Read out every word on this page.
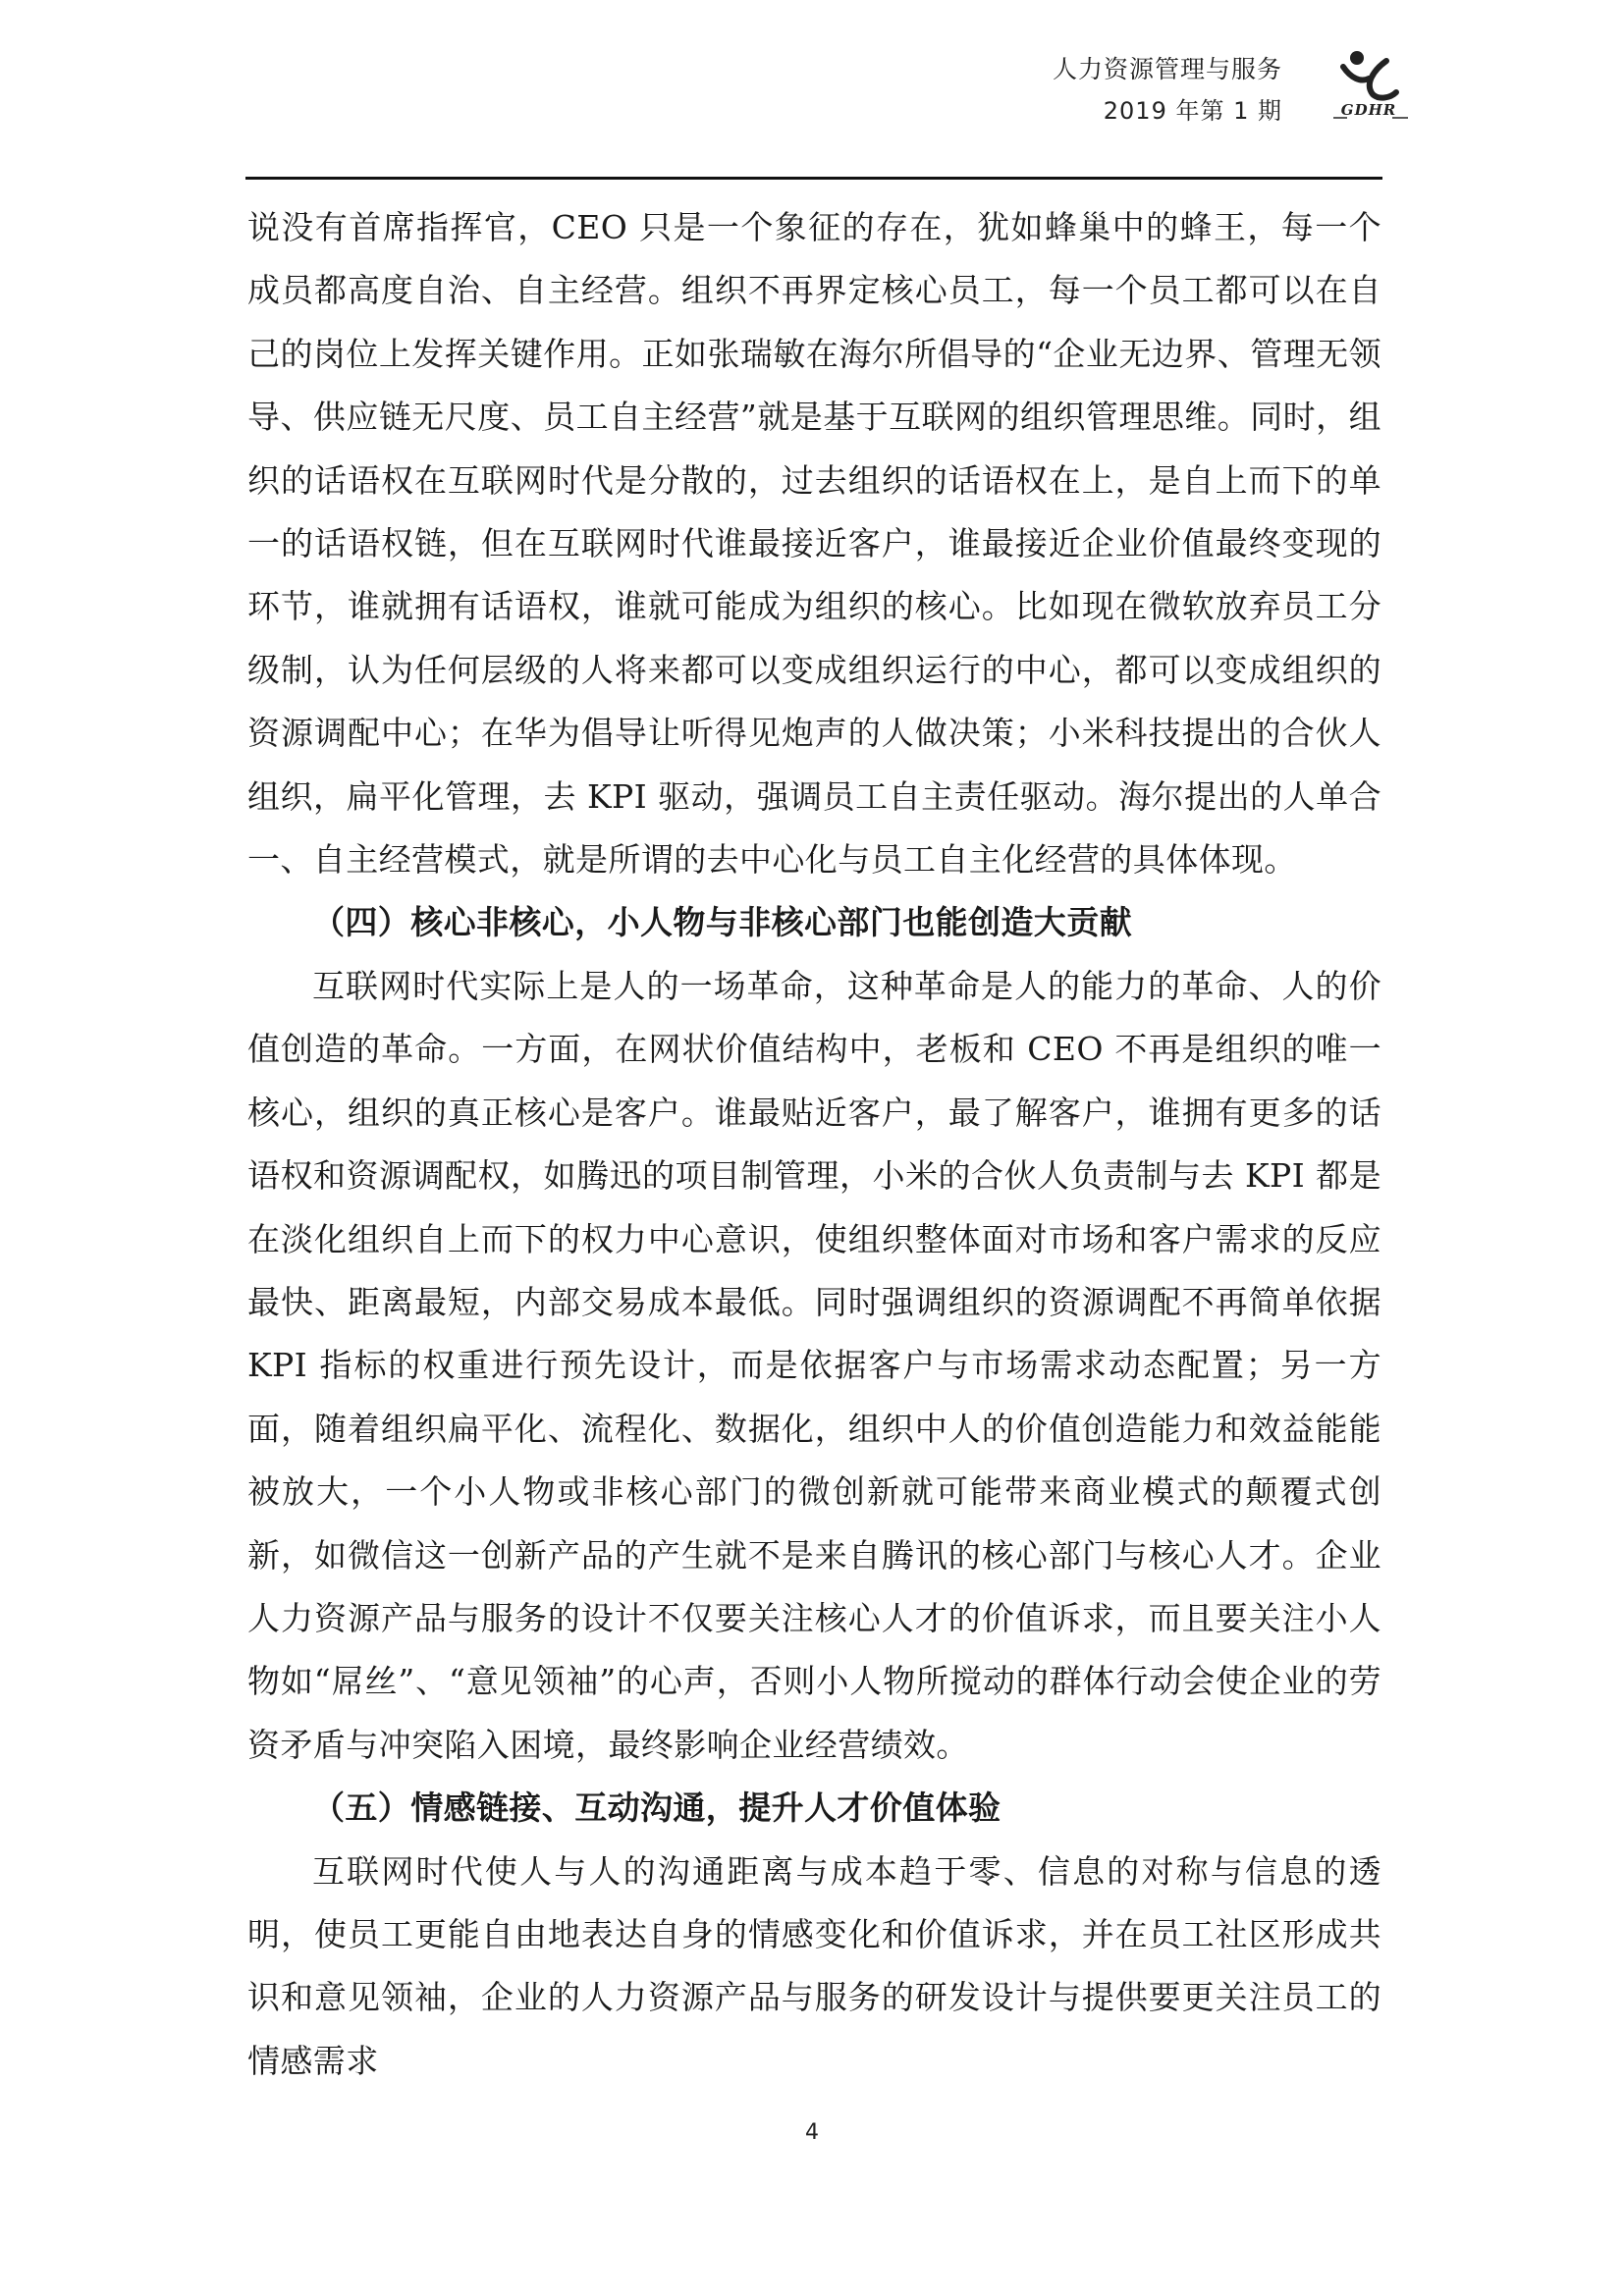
人力资源管理与服务
2019 年第 1 期	GDHR

说没有首席指挥官，CEO 只是一个象征的存在，犹如蜂巢中的蜂王，每一个成员都高度自治、自主经营。组织不再界定核心员工，每一个员工都可以在自己的岗位上发挥关键作用。正如张瑞敏在海尔所倡导的“企业无边界、管理无领导、供应链无尺度、员工自主经营”就是基于互联网的组织管理思维。同时，组织的话语权在互联网时代是分散的，过去组织的话语权在上，是自上而下的单一的话语权链，但在互联网时代谁最接近客户，谁最接近企业价值最终变现的环节，谁就拥有话语权，谁就可能成为组织的核心。比如现在微软放弃员工分级制，认为任何层级的人将来都可以变成组织运行的中心，都可以变成组织的资源调配中心；在华为倡导让听得见炮声的人做决策；小米科技提出的合伙人组织，扁平化管理，去 KPI 驱动，强调员工自主责任驱动。海尔提出的人单合一、自主经营模式，就是所谓的去中心化与员工自主化经营的具体体现。

（四）核心非核心，小人物与非核心部门也能创造大贡献

互联网时代实际上是人的一场革命，这种革命是人的能力的革命、人的价值创造的革命。一方面，在网状价值结构中，老板和 CEO 不再是组织的唯一核心，组织的真正核心是客户。谁最贴近客户，最了解客户，谁拥有更多的话语权和资源调配权，如腾迅的项目制管理，小米的合伙人负责制与去 KPI 都是在淡化组织自上而下的权力中心意识，使组织整体面对市场和客户需求的反应最快、距离最短，内部交易成本最低。同时强调组织的资源调配不再简单依据 KPI 指标的权重进行预先设计，而是依据客户与市场需求动态配置；另一方面，随着组织扁平化、流程化、数据化，组织中人的价值创造能力和效益能能被放大，一个小人物或非核心部门的微创新就可能带来商业模式的颠覆式创新，如微信这一创新产品的产生就不是来自腾讯的核心部门与核心人才。企业人力资源产品与服务的设计不仅要关注核心人才的价值诉求，而且要关注小人物如“屌丝”、“意见领袖”的心声，否则小人物所搅动的群体行动会使企业的劳资矛盾与冲突陷入困境，最终影响企业经营绩效。

（五）情感链接、互动沟通，提升人才价值体验

互联网时代使人与人的沟通距离与成本趋于零、信息的对称与信息的透明，使员工更能自由地表达自身的情感变化和价值诉求，并在员工社区形成共识和意见领袖，企业的人力资源产品与服务的研发设计与提供要更关注员工的情感需求

4
